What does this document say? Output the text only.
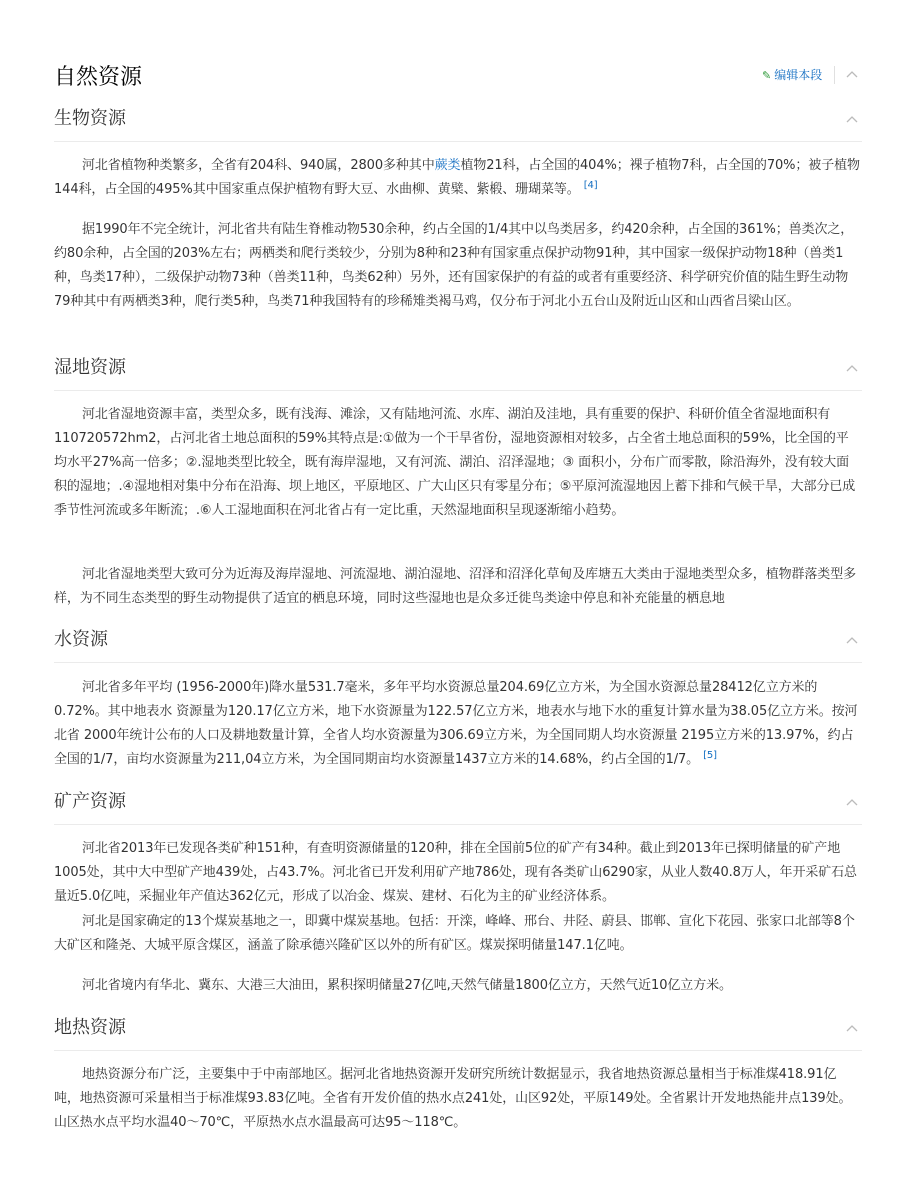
自然资源	✎ 编辑本段
生物资源

河北省植物种类繁多，全省有204科、940属，2800多种其中蕨类植物21科，占全国的404%；裸子植物7科，占全国的70%；被子植物144科，占全国的495%其中国家重点保护植物有野大豆、水曲柳、黄檗、紫椴、珊瑚菜等。 [4]

据1990年不完全统计，河北省共有陆生脊椎动物530余种，约占全国的1/4其中以鸟类居多，约420余种，占全国的361%；兽类次之，约80余种，占全国的203%左右；两栖类和爬行类较少，分别为8种和23种有国家重点保护动物91种，其中国家一级保护动物18种（兽类1种，鸟类17种），二级保护动物73种（兽类11种，鸟类62种）另外，还有国家保护的有益的或者有重要经济、科学研究价值的陆生野生动物79种其中有两栖类3种，爬行类5种，鸟类71种我国特有的珍稀雉类褐马鸡，仅分布于河北小五台山及附近山区和山西省吕梁山区。

湿地资源

河北省湿地资源丰富，类型众多，既有浅海、滩涂，又有陆地河流、水库、湖泊及洼地，具有重要的保护、科研价值全省湿地面积有110720572hm2，占河北省土地总面积的59%其特点是:①做为一个干旱省份，湿地资源相对较多，占全省土地总面积的59%，比全国的平均水平27%高一倍多；②.湿地类型比较全，既有海岸湿地，又有河流、湖泊、沼泽湿地；③ 面积小，分布广而零散，除沿海外，没有较大面积的湿地；.④湿地相对集中分布在沿海、坝上地区，平原地区、广大山区只有零星分布；⑤平原河流湿地因上蓄下排和气候干旱，大部分已成季节性河流或多年断流；.⑥人工湿地面积在河北省占有一定比重，天然湿地面积呈现逐渐缩小趋势。

河北省湿地类型大致可分为近海及海岸湿地、河流湿地、湖泊湿地、沼泽和沼泽化草甸及库塘五大类由于湿地类型众多，植物群落类型多样，为不同生态类型的野生动物提供了适宜的栖息环境，同时这些湿地也是众多迁徙鸟类途中停息和补充能量的栖息地

水资源

河北省多年平均 (1956-2000年)降水量531.7毫米，多年平均水资源总量204.69亿立方米，为全国水资源总量28412亿立方米的0.72%。其中地表水 资源量为120.17亿立方米，地下水资源量为122.57亿立方米，地表水与地下水的重复计算水量为38.05亿立方米。按河北省 2000年统计公布的人口及耕地数量计算，全省人均水资源量为306.69立方米，为全国同期人均水资源量 2195立方米的13.97%，约占全国的1/7，亩均水资源量为211,04立方米，为全国同期亩均水资源量1437立方米的14.68%，约占全国的1/7。 [5]

矿产资源

河北省2013年已发现各类矿种151种，有查明资源储量的120种，排在全国前5位的矿产有34种。截止到2013年已探明储量的矿产地1005处，其中大中型矿产地439处，占43.7%。河北省已开发利用矿产地786处，现有各类矿山6290家，从业人数40.8万人，年开采矿石总量近5.0亿吨，采掘业年产值达362亿元，形成了以冶金、煤炭、建材、石化为主的矿业经济体系。

河北是国家确定的13个煤炭基地之一，即冀中煤炭基地。包括：开滦，峰峰、邢台、井陉、蔚县、邯郸、宣化下花园、张家口北部等8个大矿区和隆尧、大城平原含煤区，涵盖了除承德兴隆矿区以外的所有矿区。煤炭探明储量147.1亿吨。

河北省境内有华北、冀东、大港三大油田，累积探明储量27亿吨,天然气储量1800亿立方，天然气近10亿立方米。

地热资源

地热资源分布广泛，主要集中于中南部地区。据河北省地热资源开发研究所统计数据显示，我省地热资源总量相当于标准煤418.91亿吨，地热资源可采量相当于标准煤93.83亿吨。全省有开发价值的热水点241处，山区92处，平原149处。全省累计开发地热能井点139处。山区热水点平均水温40～70℃，平原热水点水温最高可达95～118℃。
